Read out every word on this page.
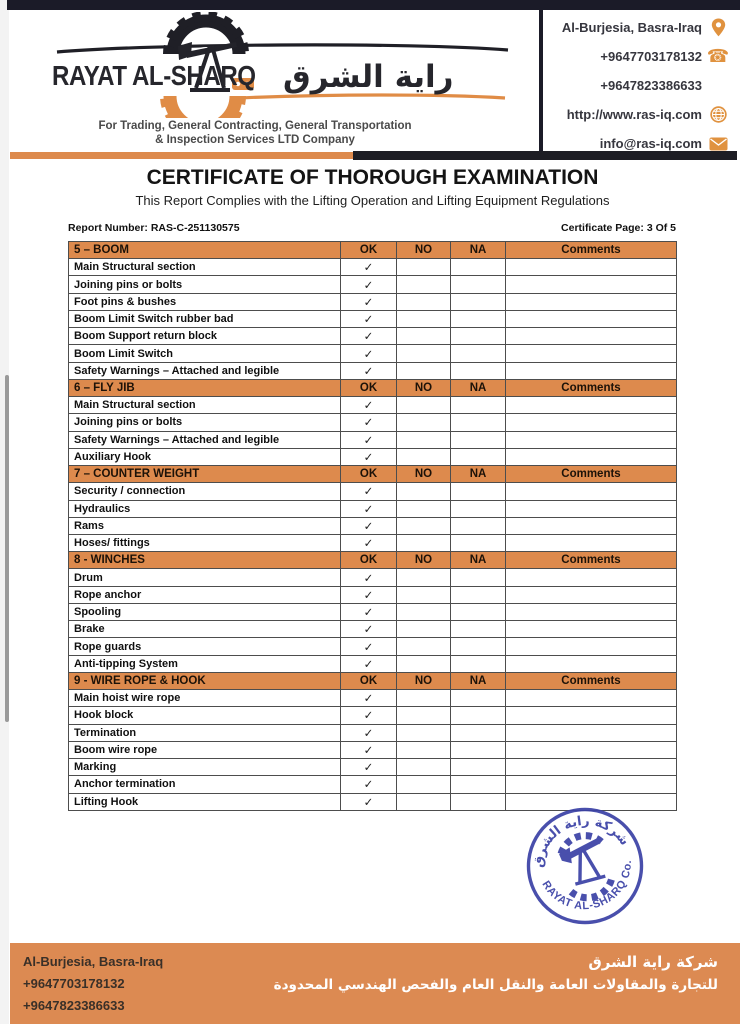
RAYAT AL-SHARQ راية الشرق
For Trading, General Contracting, General Transportation
& Inspection Services LTD Company
Al-Burjesia, Basra-Iraq
+9647703178132 ☎
+9647823386633
http://www.ras-iq.com
info@ras-iq.com
CERTIFICATE OF THOROUGH EXAMINATION
This Report Complies with the Lifting Operation and Lifting Equipment Regulations
Report Number: RAS-C-251130575	Certificate Page: 3 Of 5
5 – BOOM	OK	NO	NA	Comments
Main Structural section	✓
Joining pins or bolts	✓
Foot pins & bushes	✓
Boom Limit Switch rubber bad	✓
Boom Support return block	✓
Boom Limit Switch	✓
Safety Warnings – Attached and legible	✓
6 – FLY JIB	OK	NO	NA	Comments
Main Structural section	✓
Joining pins or bolts	✓
Safety Warnings – Attached and legible	✓
Auxiliary Hook	✓
7 – COUNTER WEIGHT	OK	NO	NA	Comments
Security / connection	✓
Hydraulics	✓
Rams	✓
Hoses/ fittings	✓
8 - WINCHES	OK	NO	NA	Comments
Drum	✓
Rope anchor	✓
Spooling	✓
Brake	✓
Rope guards	✓
Anti-tipping System	✓
9 - WIRE ROPE & HOOK	OK	NO	NA	Comments
Main hoist wire rope	✓
Hook block	✓
Termination	✓
Boom wire rope	✓
Marking	✓
Anchor termination	✓
Lifting Hook	✓
شركة راية الشرق
RAYAT AL-SHARQ Co.
Al-Burjesia, Basra-Iraq
+9647703178132
+9647823386633
شركة راية الشرق
للتجارة والمقاولات العامة والنقل العام والفحص الهندسي المحدودة
